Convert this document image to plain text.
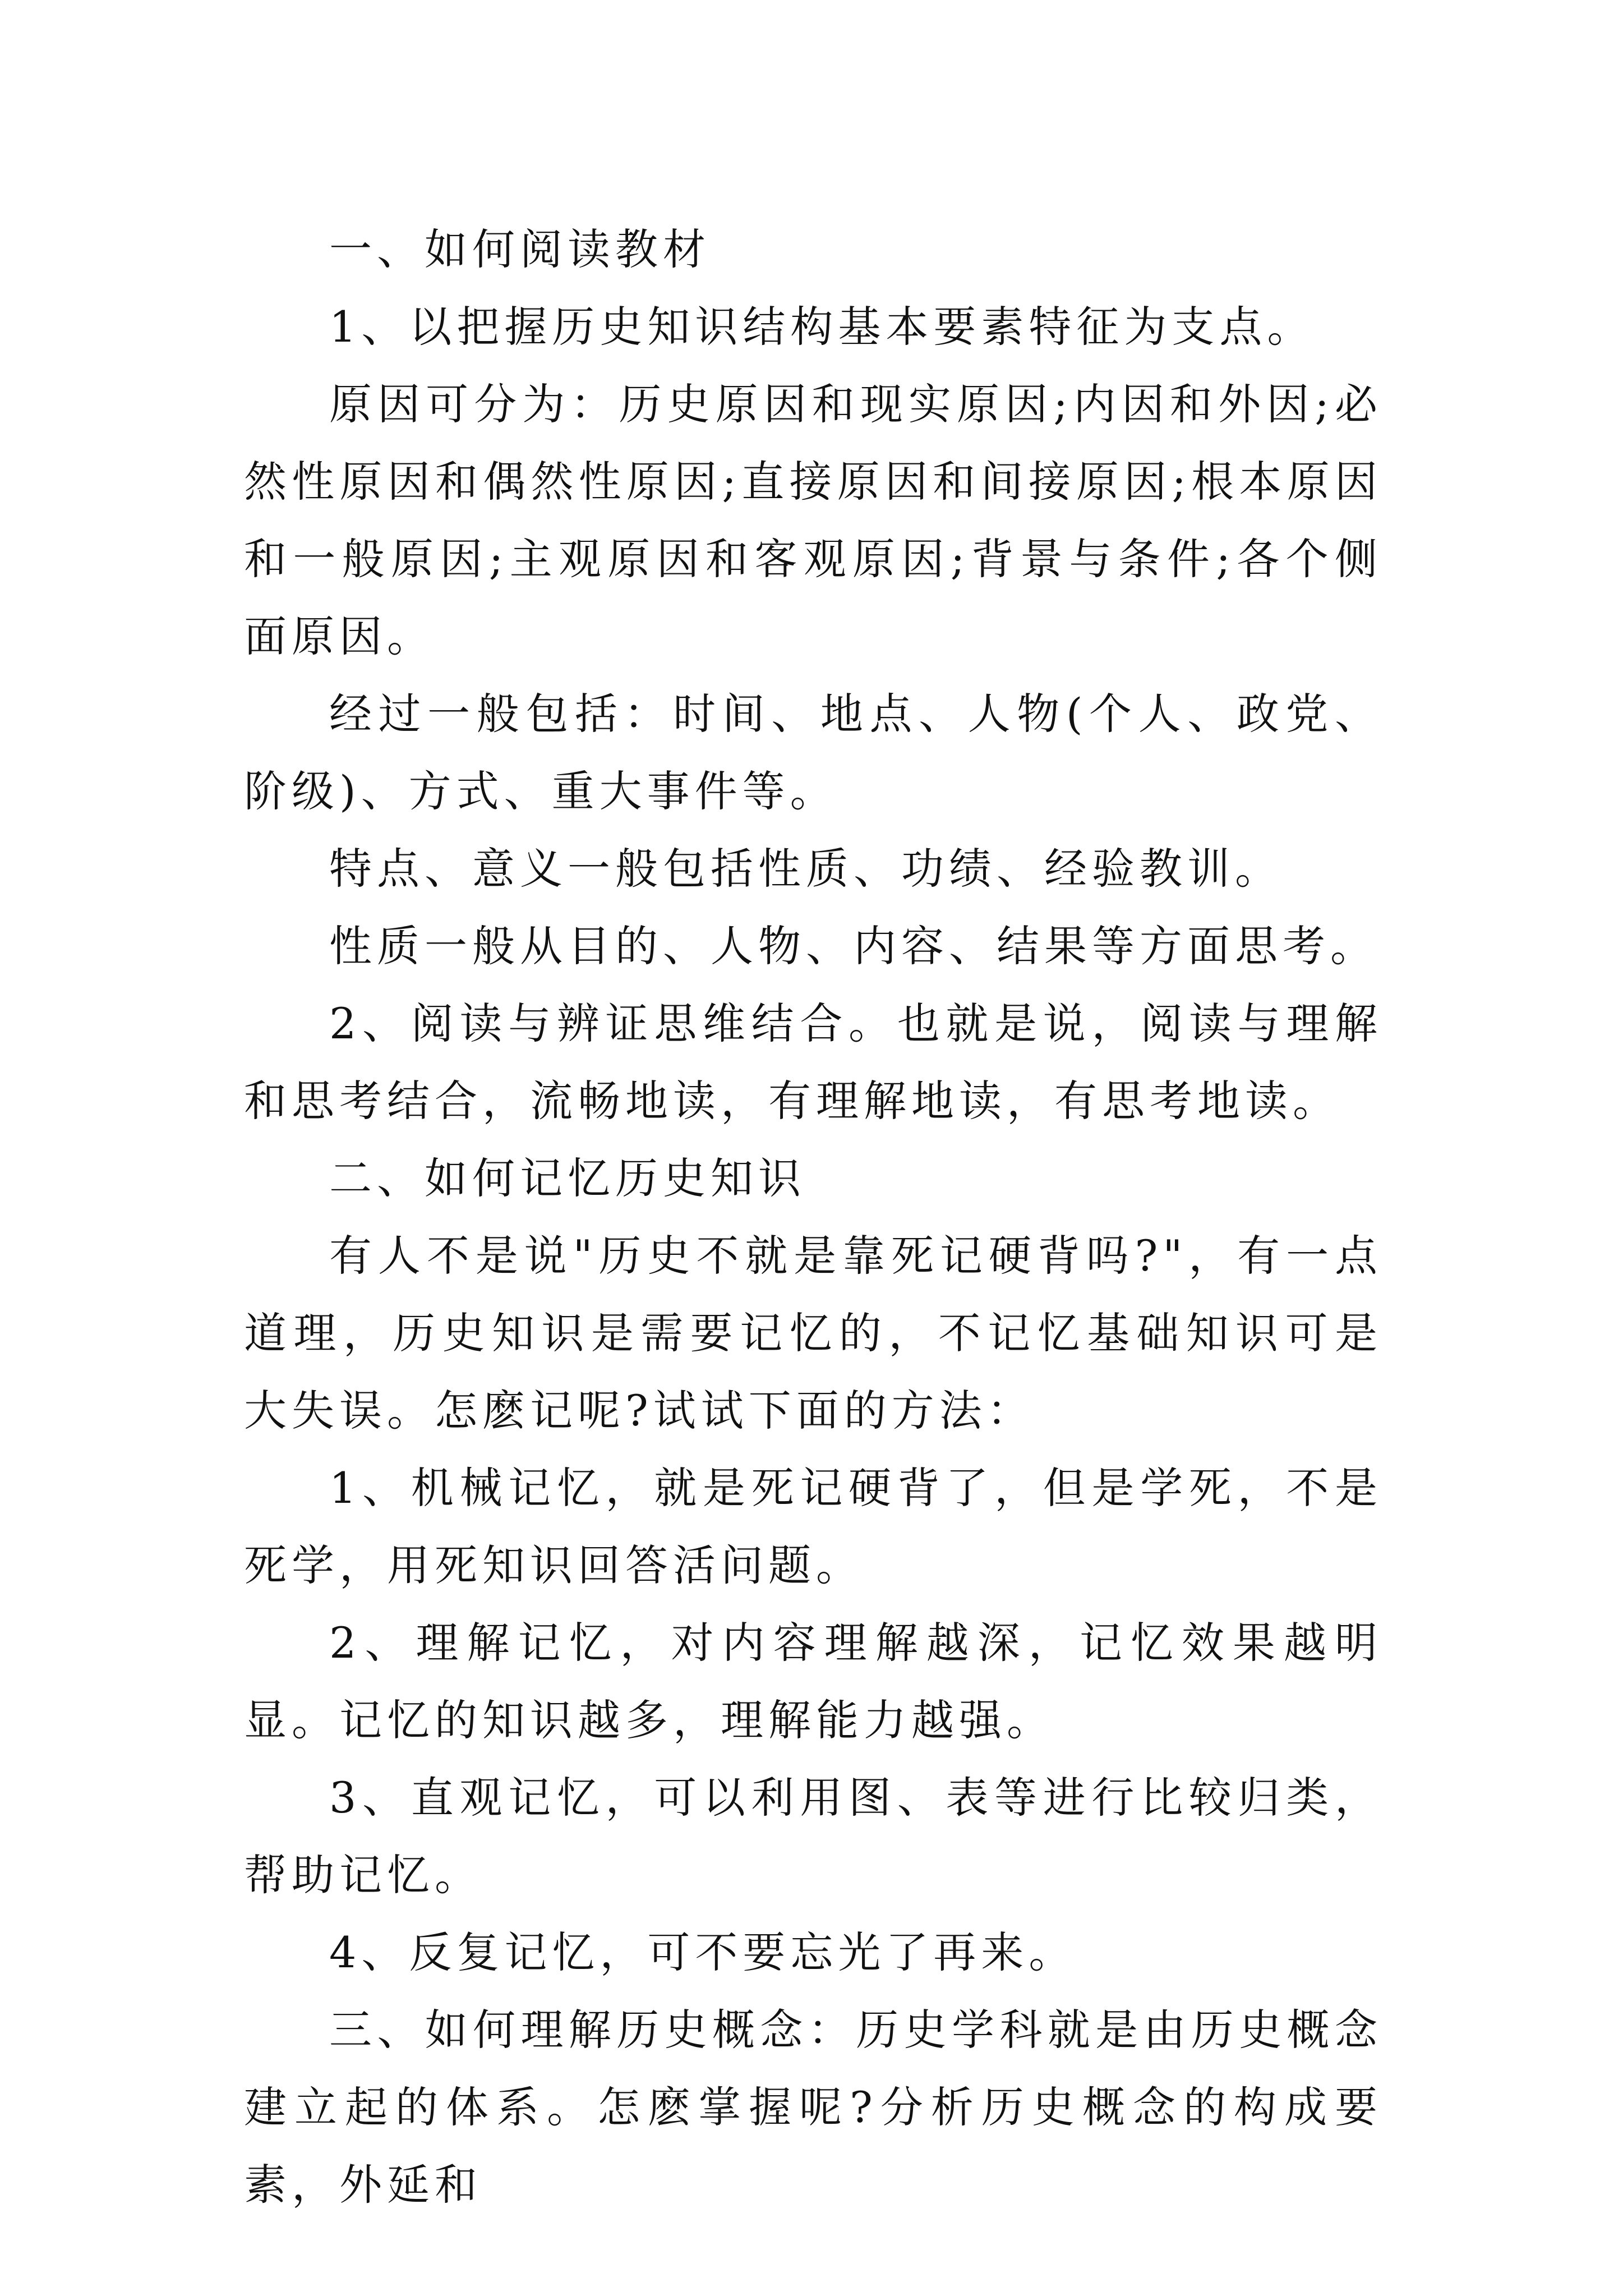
一、如何阅读教材

1、以把握历史知识结构基本要素特征为支点。

原因可分为：历史原因和现实原因;内因和外因;必然性原因和偶然性原因;直接原因和间接原因;根本原因和一般原因;主观原因和客观原因;背景与条件;各个侧面原因。

经过一般包括：时间、地点、人物(个人、政党、阶级)、方式、重大事件等。

特点、意义一般包括性质、功绩、经验教训。

性质一般从目的、人物、内容、结果等方面思考。

2、阅读与辨证思维结合。也就是说，阅读与理解和思考结合，流畅地读，有理解地读，有思考地读。

二、如何记忆历史知识

有人不是说"历史不就是靠死记硬背吗?"，有一点道理，历史知识是需要记忆的，不记忆基础知识可是大失误。怎麽记呢?试试下面的方法：

1、机械记忆，就是死记硬背了，但是学死，不是死学，用死知识回答活问题。

2、理解记忆，对内容理解越深，记忆效果越明显。记忆的知识越多，理解能力越强。

3、直观记忆，可以利用图、表等进行比较归类，帮助记忆。

4、反复记忆，可不要忘光了再来。

三、如何理解历史概念：历史学科就是由历史概念建立起的体系。怎麽掌握呢?分析历史概念的构成要素，外延和
